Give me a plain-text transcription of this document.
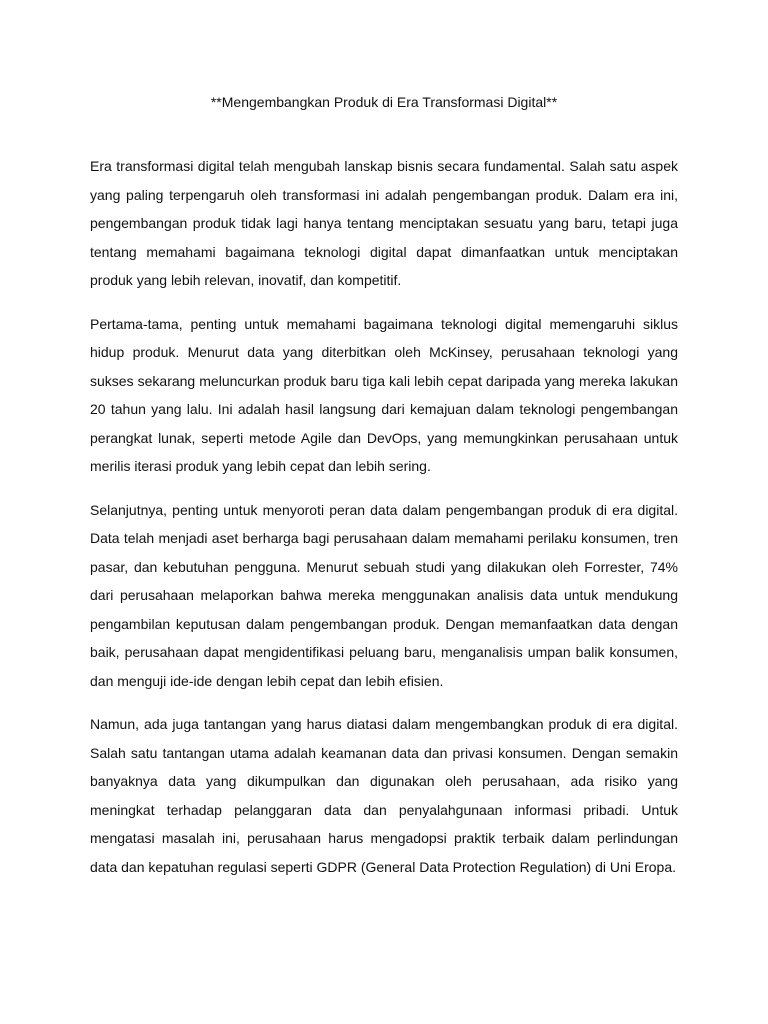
**Mengembangkan Produk di Era Transformasi Digital**

Era transformasi digital telah mengubah lanskap bisnis secara fundamental. Salah satu aspek yang paling terpengaruh oleh transformasi ini adalah pengembangan produk. Dalam era ini, pengembangan produk tidak lagi hanya tentang menciptakan sesuatu yang baru, tetapi juga tentang memahami bagaimana teknologi digital dapat dimanfaatkan untuk menciptakan produk yang lebih relevan, inovatif, dan kompetitif.

Pertama-tama, penting untuk memahami bagaimana teknologi digital memengaruhi siklus hidup produk. Menurut data yang diterbitkan oleh McKinsey, perusahaan teknologi yang sukses sekarang meluncurkan produk baru tiga kali lebih cepat daripada yang mereka lakukan 20 tahun yang lalu. Ini adalah hasil langsung dari kemajuan dalam teknologi pengembangan perangkat lunak, seperti metode Agile dan DevOps, yang memungkinkan perusahaan untuk merilis iterasi produk yang lebih cepat dan lebih sering.

Selanjutnya, penting untuk menyoroti peran data dalam pengembangan produk di era digital. Data telah menjadi aset berharga bagi perusahaan dalam memahami perilaku konsumen, tren pasar, dan kebutuhan pengguna. Menurut sebuah studi yang dilakukan oleh Forrester, 74% dari perusahaan melaporkan bahwa mereka menggunakan analisis data untuk mendukung pengambilan keputusan dalam pengembangan produk. Dengan memanfaatkan data dengan baik, perusahaan dapat mengidentifikasi peluang baru, menganalisis umpan balik konsumen, dan menguji ide-ide dengan lebih cepat dan lebih efisien.

Namun, ada juga tantangan yang harus diatasi dalam mengembangkan produk di era digital. Salah satu tantangan utama adalah keamanan data dan privasi konsumen. Dengan semakin banyaknya data yang dikumpulkan dan digunakan oleh perusahaan, ada risiko yang meningkat terhadap pelanggaran data dan penyalahgunaan informasi pribadi. Untuk mengatasi masalah ini, perusahaan harus mengadopsi praktik terbaik dalam perlindungan data dan kepatuhan regulasi seperti GDPR (General Data Protection Regulation) di Uni Eropa.
